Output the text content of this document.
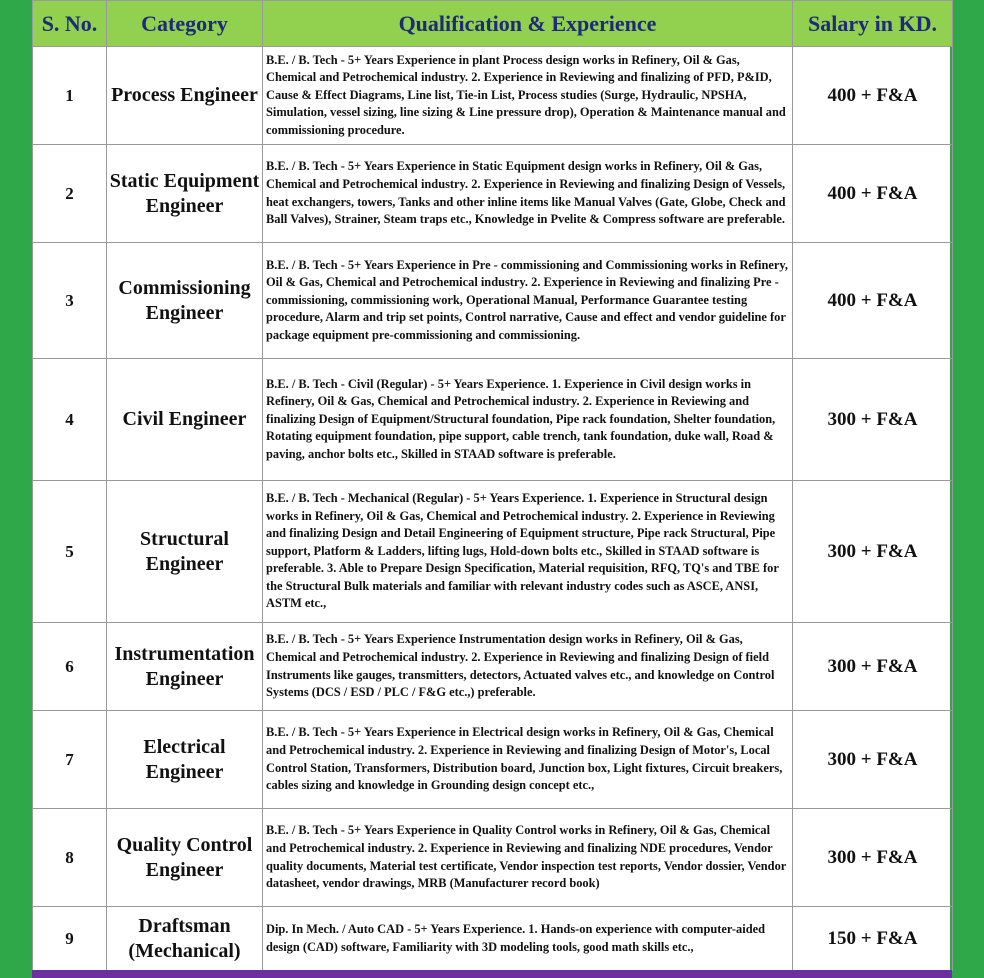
S. No.	Category	Qualification & Experience	Salary in KD.
1	Process Engineer	B.E. / B. Tech - 5+ Years Experience in plant Process design works in Refinery, Oil & Gas, Chemical and Petrochemical industry. 2. Experience in Reviewing and finalizing of PFD, P&ID, Cause & Effect Diagrams, Line list, Tie-in List, Process studies (Surge, Hydraulic, NPSHA, Simulation, vessel sizing, line sizing & Line pressure drop), Operation & Maintenance manual and commissioning procedure.	400 + F&A
2	Static Equipment Engineer	B.E. / B. Tech - 5+ Years Experience in Static Equipment design works in Refinery, Oil & Gas, Chemical and Petrochemical industry. 2. Experience in Reviewing and finalizing Design of Vessels, heat exchangers, towers, Tanks and other inline items like Manual Valves (Gate, Globe, Check and Ball Valves), Strainer, Steam traps etc., Knowledge in Pvelite & Compress software are preferable.	400 + F&A
3	Commissioning Engineer	B.E. / B. Tech - 5+ Years Experience in Pre - commissioning and Commissioning works in Refinery, Oil & Gas, Chemical and Petrochemical industry. 2. Experience in Reviewing and finalizing Pre - commissioning, commissioning work, Operational Manual, Performance Guarantee testing procedure, Alarm and trip set points, Control narrative, Cause and effect and vendor guideline for package equipment pre-commissioning and commissioning.	400 + F&A
4	Civil Engineer	B.E. / B. Tech - Civil (Regular) - 5+ Years Experience. 1. Experience in Civil design works in Refinery, Oil & Gas, Chemical and Petrochemical industry. 2. Experience in Reviewing and finalizing Design of Equipment/Structural foundation, Pipe rack foundation, Shelter foundation, Rotating equipment foundation, pipe support, cable trench, tank foundation, duke wall, Road & paving, anchor bolts etc., Skilled in STAAD software is preferable.	300 + F&A
5	Structural Engineer	B.E. / B. Tech - Mechanical (Regular) - 5+ Years Experience. 1. Experience in Structural design works in Refinery, Oil & Gas, Chemical and Petrochemical industry. 2. Experience in Reviewing and finalizing Design and Detail Engineering of Equipment structure, Pipe rack Structural, Pipe support, Platform & Ladders, lifting lugs, Hold-down bolts etc., Skilled in STAAD software is preferable. 3. Able to Prepare Design Specification, Material requisition, RFQ, TQ's and TBE for the Structural Bulk materials and familiar with relevant industry codes such as ASCE, ANSI, ASTM etc.,	300 + F&A
6	Instrumentation Engineer	B.E. / B. Tech - 5+ Years Experience Instrumentation design works in Refinery, Oil & Gas, Chemical and Petrochemical industry. 2. Experience in Reviewing and finalizing Design of field Instruments like gauges, transmitters, detectors, Actuated valves etc., and knowledge on Control Systems (DCS / ESD / PLC / F&G etc.,) preferable.	300 + F&A
7	Electrical Engineer	B.E. / B. Tech - 5+ Years Experience in Electrical design works in Refinery, Oil & Gas, Chemical and Petrochemical industry. 2. Experience in Reviewing and finalizing Design of Motor's, Local Control Station, Transformers, Distribution board, Junction box, Light fixtures, Circuit breakers, cables sizing and knowledge in Grounding design concept etc.,	300 + F&A
8	Quality Control Engineer	B.E. / B. Tech - 5+ Years Experience in Quality Control works in Refinery, Oil & Gas, Chemical and Petrochemical industry. 2. Experience in Reviewing and finalizing NDE procedures, Vendor quality documents, Material test certificate, Vendor inspection test reports, Vendor dossier, Vendor datasheet, vendor drawings, MRB (Manufacturer record book)	300 + F&A
9	Draftsman (Mechanical)	Dip. In Mech. / Auto CAD - 5+ Years Experience. 1. Hands-on experience with computer-aided design (CAD) software, Familiarity with 3D modeling tools, good math skills etc.,	150 + F&A
